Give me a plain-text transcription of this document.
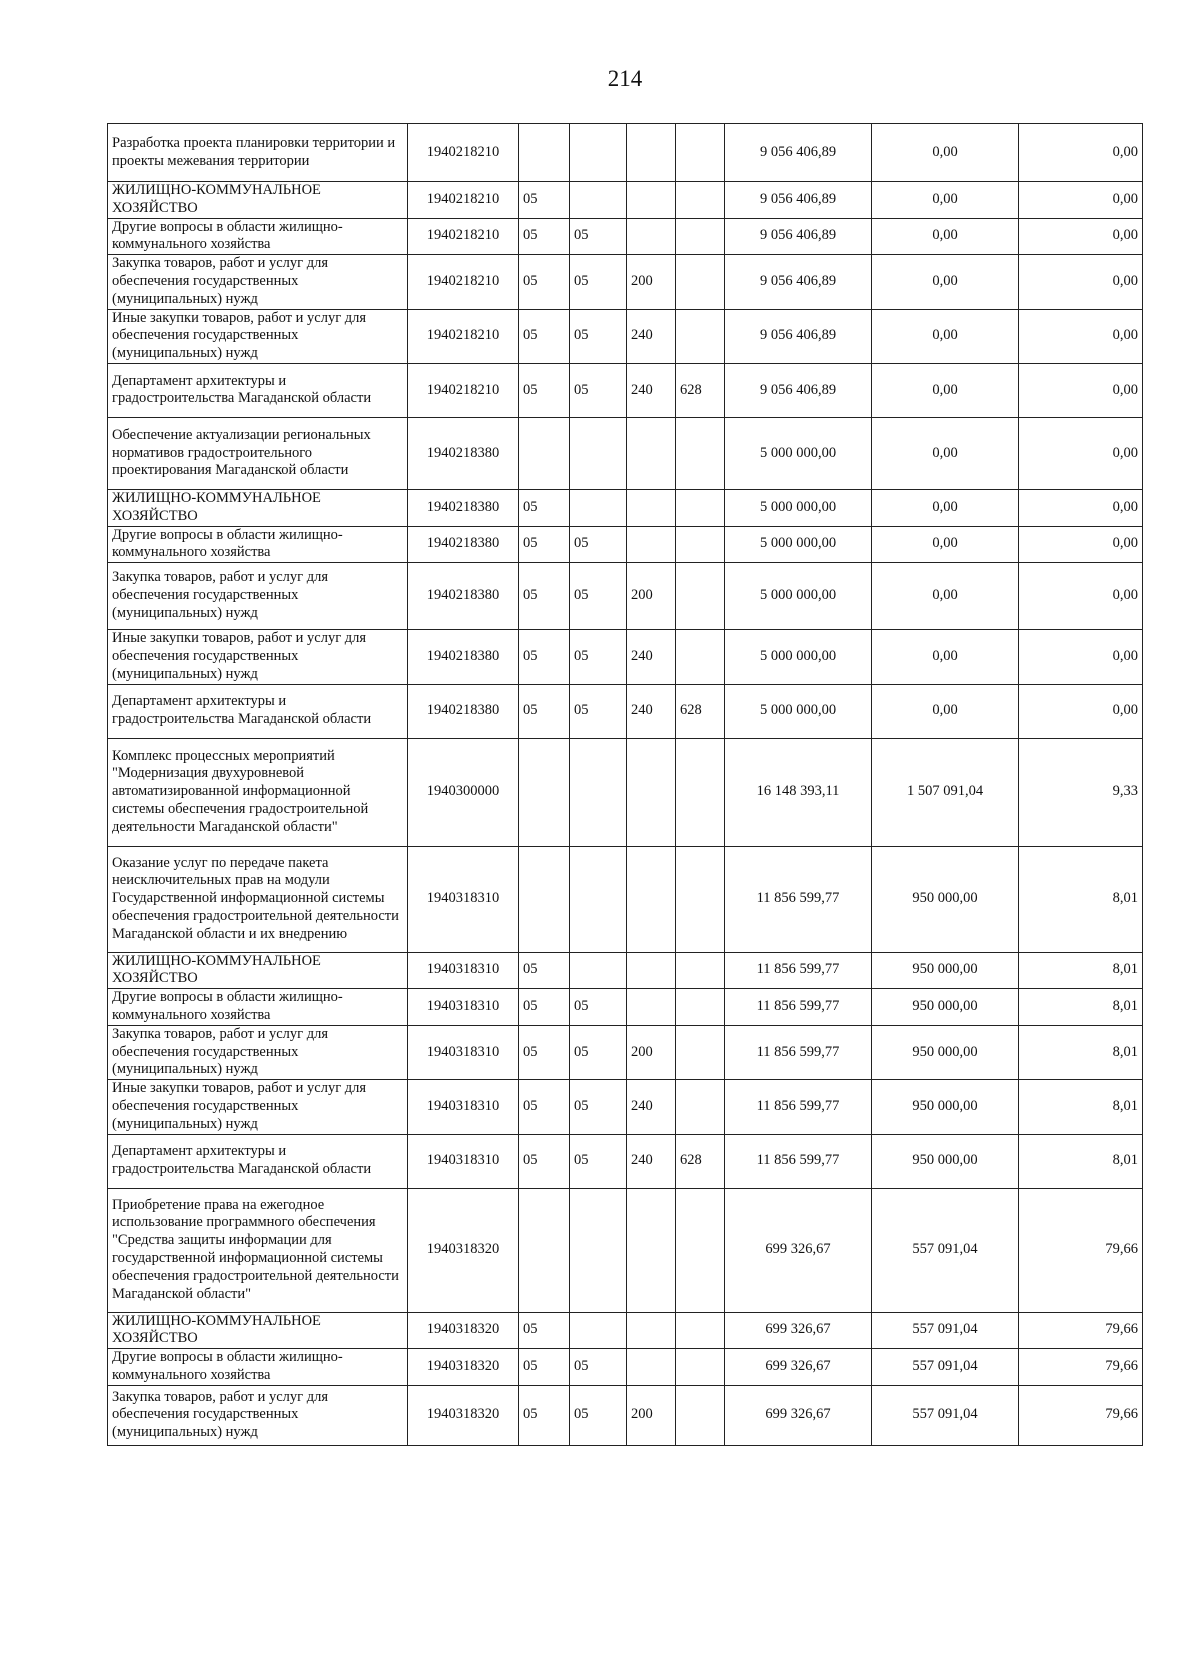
214
Разработка проекта планировки территории и проекты межевания территории	1940218210					9 056 406,89	0,00	0,00
ЖИЛИЩНО-КОММУНАЛЬНОЕ ХОЗЯЙСТВО	1940218210	05				9 056 406,89	0,00	0,00
Другие вопросы в области жилищно-коммунального хозяйства	1940218210	05	05			9 056 406,89	0,00	0,00
Закупка товаров, работ и услуг для обеспечения государственных (муниципальных) нужд	1940218210	05	05	200		9 056 406,89	0,00	0,00
Иные закупки товаров, работ и услуг для обеспечения государственных (муниципальных) нужд	1940218210	05	05	240		9 056 406,89	0,00	0,00
Департамент архитектуры и градостроительства Магаданской области	1940218210	05	05	240	628	9 056 406,89	0,00	0,00
Обеспечение актуализации региональных нормативов градостроительного проектирования Магаданской области	1940218380					5 000 000,00	0,00	0,00
ЖИЛИЩНО-КОММУНАЛЬНОЕ ХОЗЯЙСТВО	1940218380	05				5 000 000,00	0,00	0,00
Другие вопросы в области жилищно-коммунального хозяйства	1940218380	05	05			5 000 000,00	0,00	0,00
Закупка товаров, работ и услуг для обеспечения государственных (муниципальных) нужд	1940218380	05	05	200		5 000 000,00	0,00	0,00
Иные закупки товаров, работ и услуг для обеспечения государственных (муниципальных) нужд	1940218380	05	05	240		5 000 000,00	0,00	0,00
Департамент архитектуры и градостроительства Магаданской области	1940218380	05	05	240	628	5 000 000,00	0,00	0,00
Комплекс процессных мероприятий "Модернизация двухуровневой автоматизированной информационной системы обеспечения градостроительной деятельности Магаданской области"	1940300000					16 148 393,11	1 507 091,04	9,33
Оказание услуг по передаче пакета неисключительных прав на модули Государственной информационной системы обеспечения градостроительной деятельности Магаданской области и их внедрению	1940318310					11 856 599,77	950 000,00	8,01
ЖИЛИЩНО-КОММУНАЛЬНОЕ ХОЗЯЙСТВО	1940318310	05				11 856 599,77	950 000,00	8,01
Другие вопросы в области жилищно-коммунального хозяйства	1940318310	05	05			11 856 599,77	950 000,00	8,01
Закупка товаров, работ и услуг для обеспечения государственных (муниципальных) нужд	1940318310	05	05	200		11 856 599,77	950 000,00	8,01
Иные закупки товаров, работ и услуг для обеспечения государственных (муниципальных) нужд	1940318310	05	05	240		11 856 599,77	950 000,00	8,01
Департамент архитектуры и градостроительства Магаданской области	1940318310	05	05	240	628	11 856 599,77	950 000,00	8,01
Приобретение права на ежегодное использование программного обеспечения "Средства защиты информации для государственной информационной системы обеспечения градостроительной деятельности Магаданской области"	1940318320					699 326,67	557 091,04	79,66
ЖИЛИЩНО-КОММУНАЛЬНОЕ ХОЗЯЙСТВО	1940318320	05				699 326,67	557 091,04	79,66
Другие вопросы в области жилищно-коммунального хозяйства	1940318320	05	05			699 326,67	557 091,04	79,66
Закупка товаров, работ и услуг для обеспечения государственных (муниципальных) нужд	1940318320	05	05	200		699 326,67	557 091,04	79,66
